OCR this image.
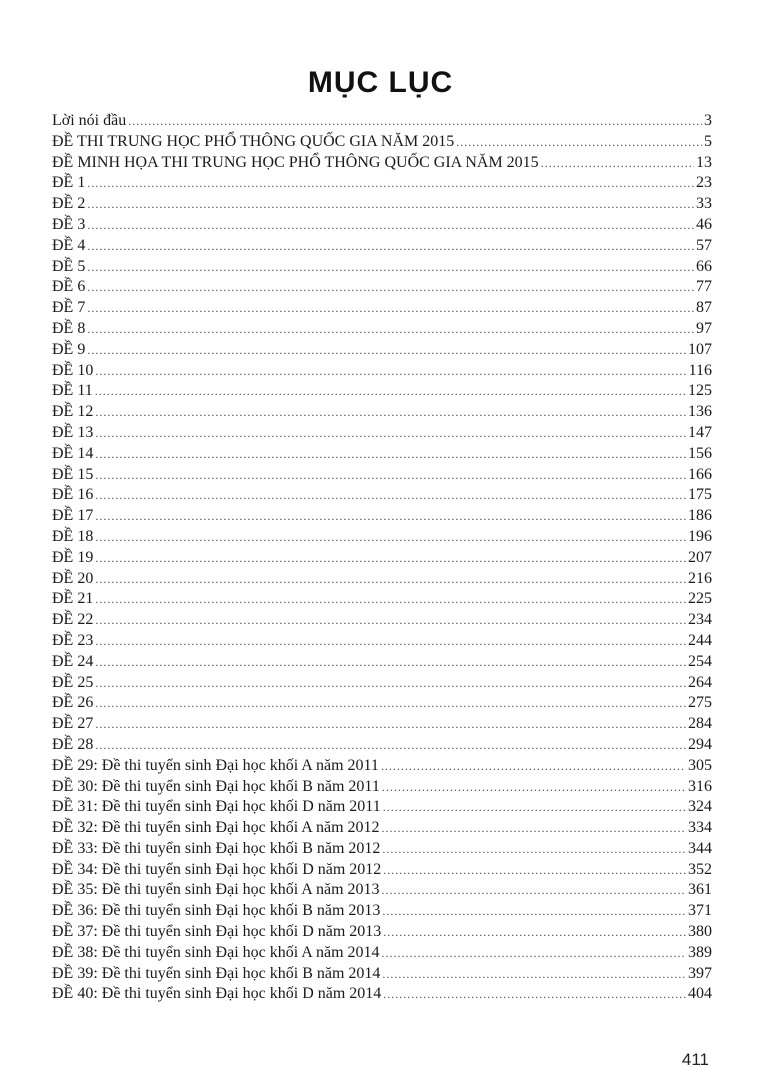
MỤC LỤC
Lời nói đầu .....	3
ĐỀ THI TRUNG HỌC PHỔ THÔNG QUỐC GIA NĂM 2015 .....	5
ĐỀ MINH HỌA THI TRUNG HỌC PHỔ THÔNG QUỐC GIA NĂM 2015 .....	13
ĐỀ 1 .....	23
ĐỀ 2 .....	33
ĐỀ 3 .....	46
ĐỀ 4 .....	57
ĐỀ 5 .....	66
ĐỀ 6 .....	77
ĐỀ 7 .....	87
ĐỀ 8 .....	97
ĐỀ 9 .....	107
ĐỀ 10 .....	116
ĐỀ 11 .....	125
ĐỀ 12 .....	136
ĐỀ 13 .....	147
ĐỀ 14 .....	156
ĐỀ 15 .....	166
ĐỀ 16 .....	175
ĐỀ 17 .....	186
ĐỀ 18 .....	196
ĐỀ 19 .....	207
ĐỀ 20 .....	216
ĐỀ 21 .....	225
ĐỀ 22 .....	234
ĐỀ 23 .....	244
ĐỀ 24 .....	254
ĐỀ 25 .....	264
ĐỀ 26 .....	275
ĐỀ 27 .....	284
ĐỀ 28 .....	294
ĐỀ 29: Đề thi tuyển sinh Đại học khối A năm 2011 .....	305
ĐỀ 30: Đề thi tuyển sinh Đại học khối B năm 2011 .....	316
ĐỀ 31: Đề thi tuyển sinh Đại học khối D năm 2011 .....	324
ĐỀ 32: Đề thi tuyển sinh Đại học khối A năm 2012 .....	334
ĐỀ 33: Đề thi tuyển sinh Đại học khối B năm 2012 .....	344
ĐỀ 34: Đề thi tuyển sinh Đại học khối D năm 2012 .....	352
ĐỀ 35: Đề thi tuyển sinh Đại học khối A năm 2013 .....	361
ĐỀ 36: Đề thi tuyển sinh Đại học khối B năm 2013 .....	371
ĐỀ 37: Đề thi tuyển sinh Đại học khối D năm 2013 .....	380
ĐỀ 38: Đề thi tuyển sinh Đại học khối A năm 2014 .....	389
ĐỀ 39: Đề thi tuyển sinh Đại học khối B năm 2014 .....	397
ĐỀ 40: Đề thi tuyển sinh Đại học khối D năm 2014 .....	404
411
